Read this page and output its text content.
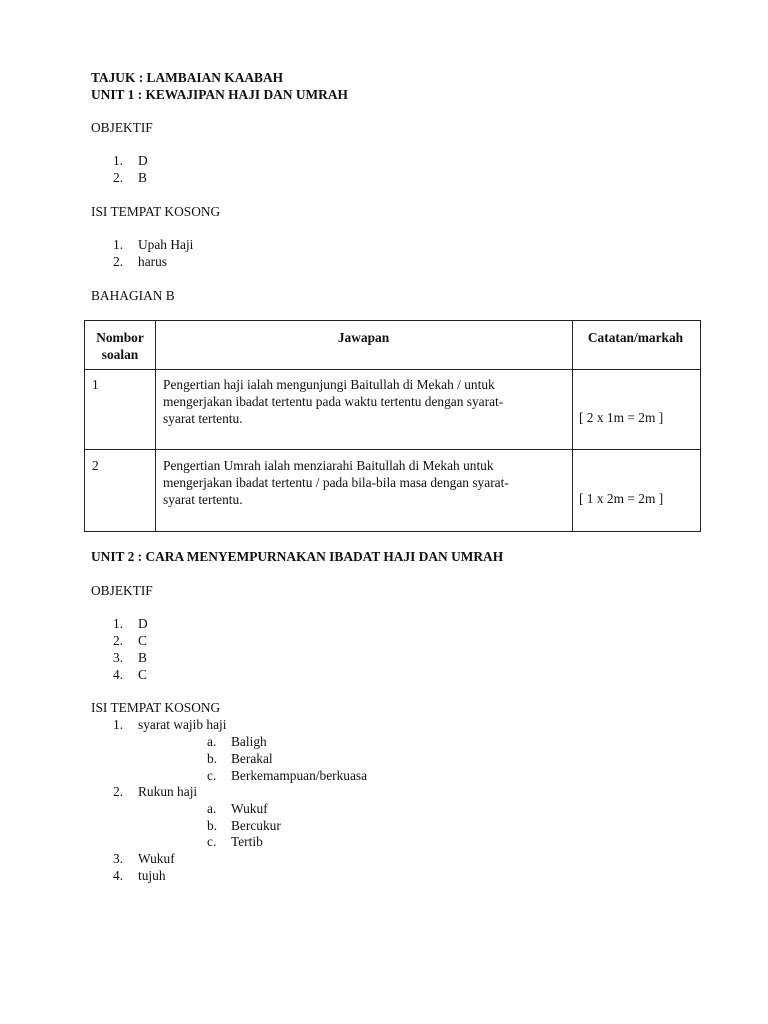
TAJUK : LAMBAIAN KAABAH
UNIT 1 : KEWAJIPAN HAJI DAN UMRAH
OBJEKTIF
1. D
2. B
ISI TEMPAT KOSONG
1. Upah Haji
2. harus
BAHAGIAN B
Nombor
soalan
Jawapan	Catatan/markah
1	Pengertian haji ialah mengunjungi Baitullah di Mekah / untuk
mengerjakan ibadat tertentu pada waktu tertentu dengan syarat-
syarat tertentu.	[ 2 x 1m = 2m ]
2	Pengertian Umrah ialah menziarahi Baitullah di Mekah untuk
mengerjakan ibadat tertentu / pada bila-bila masa dengan syarat-
syarat tertentu.	[ 1 x 2m = 2m ]
UNIT 2 : CARA MENYEMPURNAKAN IBADAT HAJI DAN UMRAH
OBJEKTIF
1. D
2. C
3. B
4. C
ISI TEMPAT KOSONG
1. syarat wajib haji
a. Baligh
b. Berakal
c. Berkemampuan/berkuasa
2. Rukun haji
a. Wukuf
b. Bercukur
c. Tertib
3. Wukuf
4. tujuh
